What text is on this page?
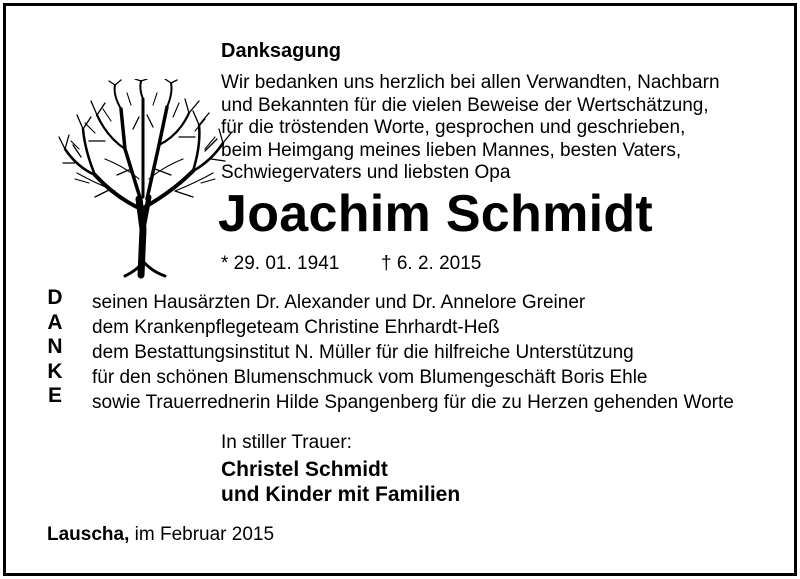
Danksagung
Wir bedanken uns herzlich bei allen Verwandten, Nachbarn
und Bekannten für die vielen Beweise der Wertschätzung,
für die tröstenden Worte, gesprochen und geschrieben,
beim Heimgang meines lieben Mannes, besten Vaters,
Schwiegervaters und liebsten Opa
Joachim Schmidt
* 29. 01. 1941 † 6. 2. 2015
D
A
N
K
E
seinen Hausärzten Dr. Alexander und Dr. Annelore Greiner
dem Krankenpflegeteam Christine Ehrhardt-Heß
dem Bestattungsinstitut N. Müller für die hilfreiche Unterstützung
für den schönen Blumenschmuck vom Blumengeschäft Boris Ehle
sowie Trauerrednerin Hilde Spangenberg für die zu Herzen gehenden Worte
In stiller Trauer:
Christel Schmidt
und Kinder mit Familien
Lauscha, im Februar 2015
